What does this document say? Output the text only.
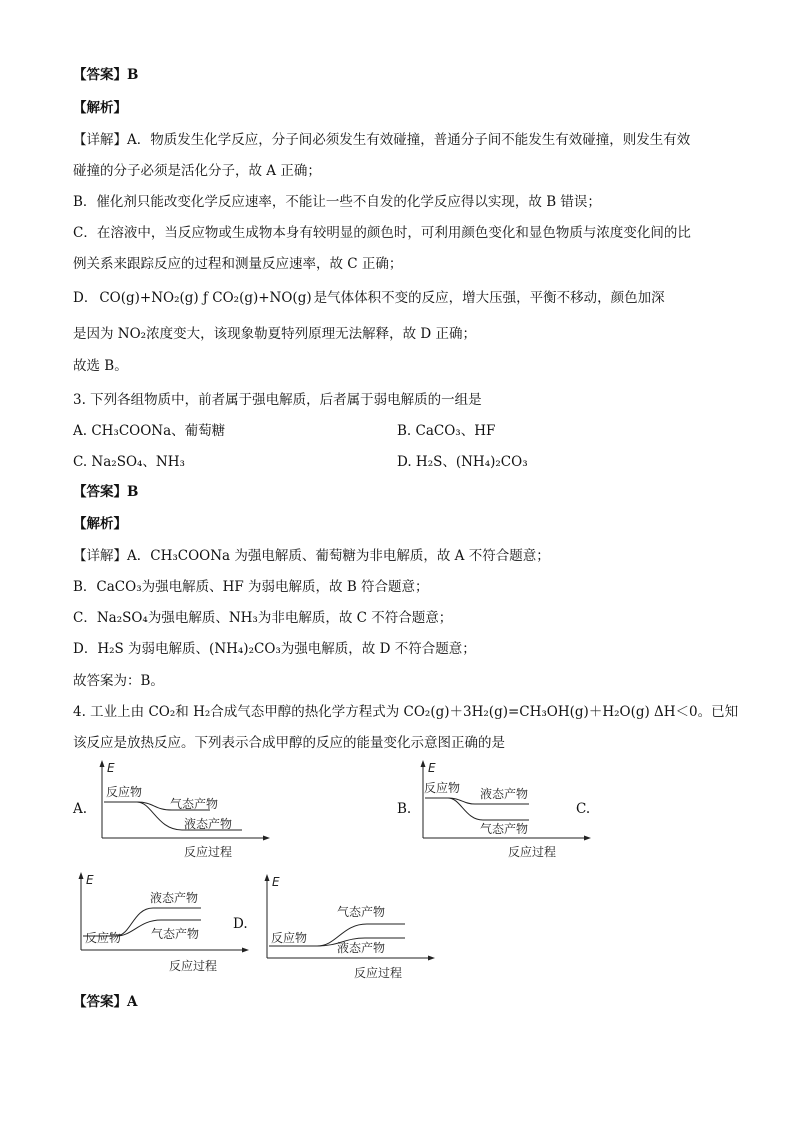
【答案】B
【解析】
【详解】A．物质发生化学反应，分子间必须发生有效碰撞，普通分子间不能发生有效碰撞，则发生有效
碰撞的分子必须是活化分子，故 A 正确；
B．催化剂只能改变化学反应速率，不能让一些不自发的化学反应得以实现，故 B 错误；
C．在溶液中，当反应物或生成物本身有较明显的颜色时，可利用颜色变化和显色物质与浓度变化间的比
例关系来跟踪反应的过程和测量反应速率，故 C 正确；
D． CO(g)+NO₂(g) ƒ CO₂(g)+NO(g) 是气体体积不变的反应，增大压强，平衡不移动，颜色加深
是因为 NO₂浓度变大，该现象勒夏特列原理无法解释，故 D 正确；
故选 B。
3. 下列各组物质中，前者属于强电解质，后者属于弱电解质的一组是
A. CH₃COONa、葡萄糖	B. CaCO₃、HF
C. Na₂SO₄、NH₃	D. H₂S、(NH₄)₂CO₃
【答案】B
【解析】
【详解】A．CH₃COONa 为强电解质、葡萄糖为非电解质，故 A 不符合题意；
B．CaCO₃为强电解质、HF 为弱电解质，故 B 符合题意；
C．Na₂SO₄为强电解质、NH₃为非电解质，故 C 不符合题意；
D．H₂S 为弱电解质、(NH₄)₂CO₃为强电解质，故 D 不符合题意；
故答案为：B。
4. 工业上由 CO₂和 H₂合成气态甲醇的热化学方程式为 CO₂(g)＋3H₂(g)=CH₃OH(g)＋H₂O(g) ΔH＜0。已知
该反应是放热反应。下列表示合成甲醇的反应的能量变化示意图正确的是
A.
E
反应物
气态产物
液态产物
反应过程
B.
E
反应物 液态产物
气态产物
反应过程
C.
E
液态产物
反应物 气态产物
反应过程
D.
E
气态产物
反应物
液态产物
反应过程
【答案】A
